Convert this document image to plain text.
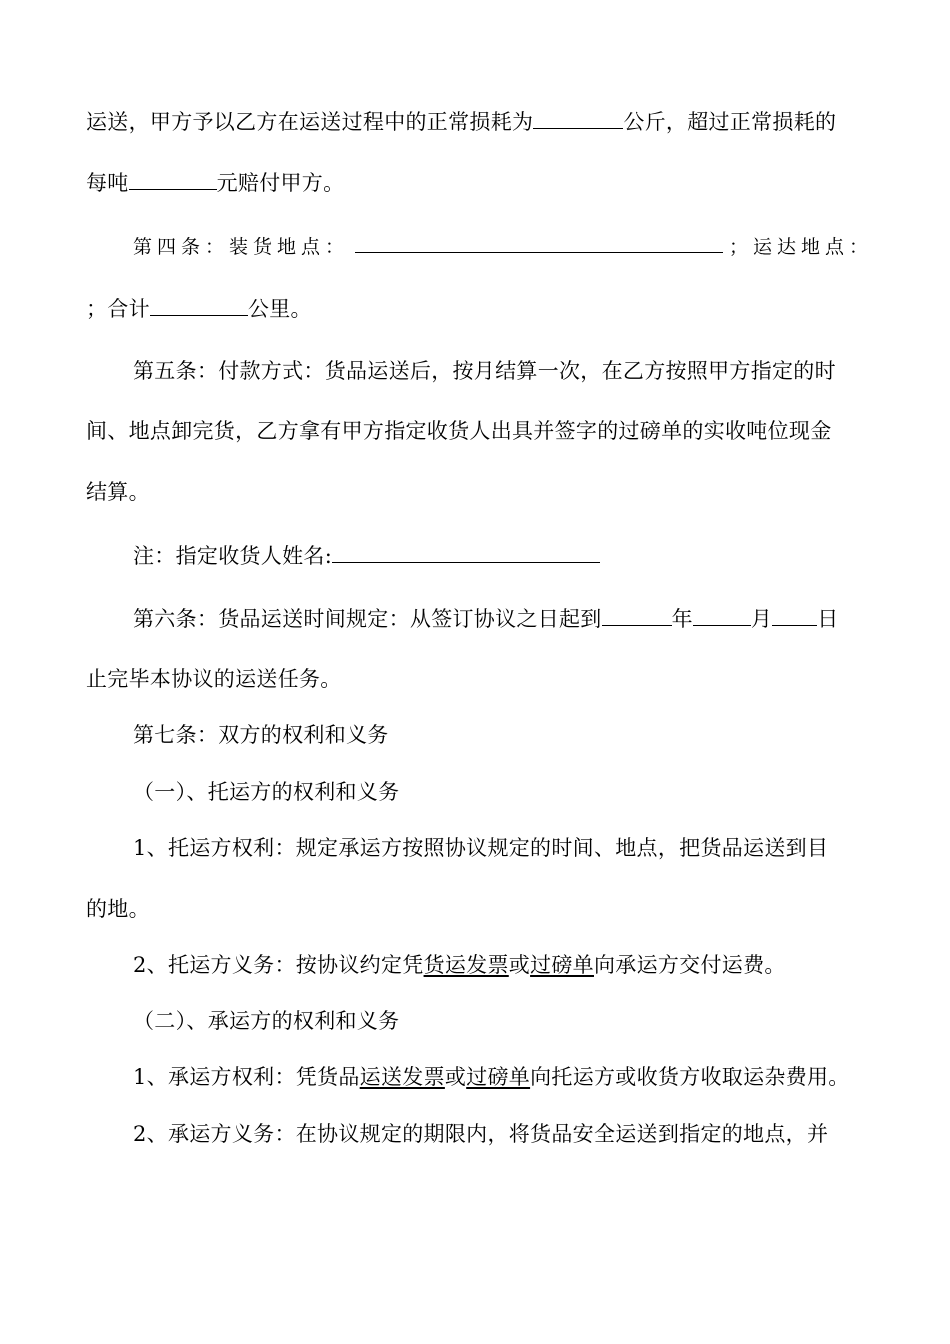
运送，甲方予以乙方在运送过程中的正常损耗为	公斤，超过正常损耗的
每吨	元赔付甲方。
第四条：装货地点：	；运达地点：
；合计	公里。
第五条：付款方式：货品运送后，按月结算一次，在乙方按照甲方指定的时
间、地点卸完货，乙方拿有甲方指定收货人出具并签字的过磅单的实收吨位现金
结算。
注：指定收货人姓名:
第六条：货品运送时间规定：从签订协议之日起到	年	月 日
止完毕本协议的运送任务。
第七条：双方的权利和义务
（一）、托运方的权利和义务
1、托运方权利：规定承运方按照协议规定的时间、地点，把货品运送到目
的地。
2、托运方义务：按协议约定凭货运发票或过磅单向承运方交付运费。
（二）、承运方的权利和义务
1、承运方权利：凭货品运送发票或过磅单向托运方或收货方收取运杂费用。
2、承运方义务：在协议规定的期限内，将货品安全运送到指定的地点，并
